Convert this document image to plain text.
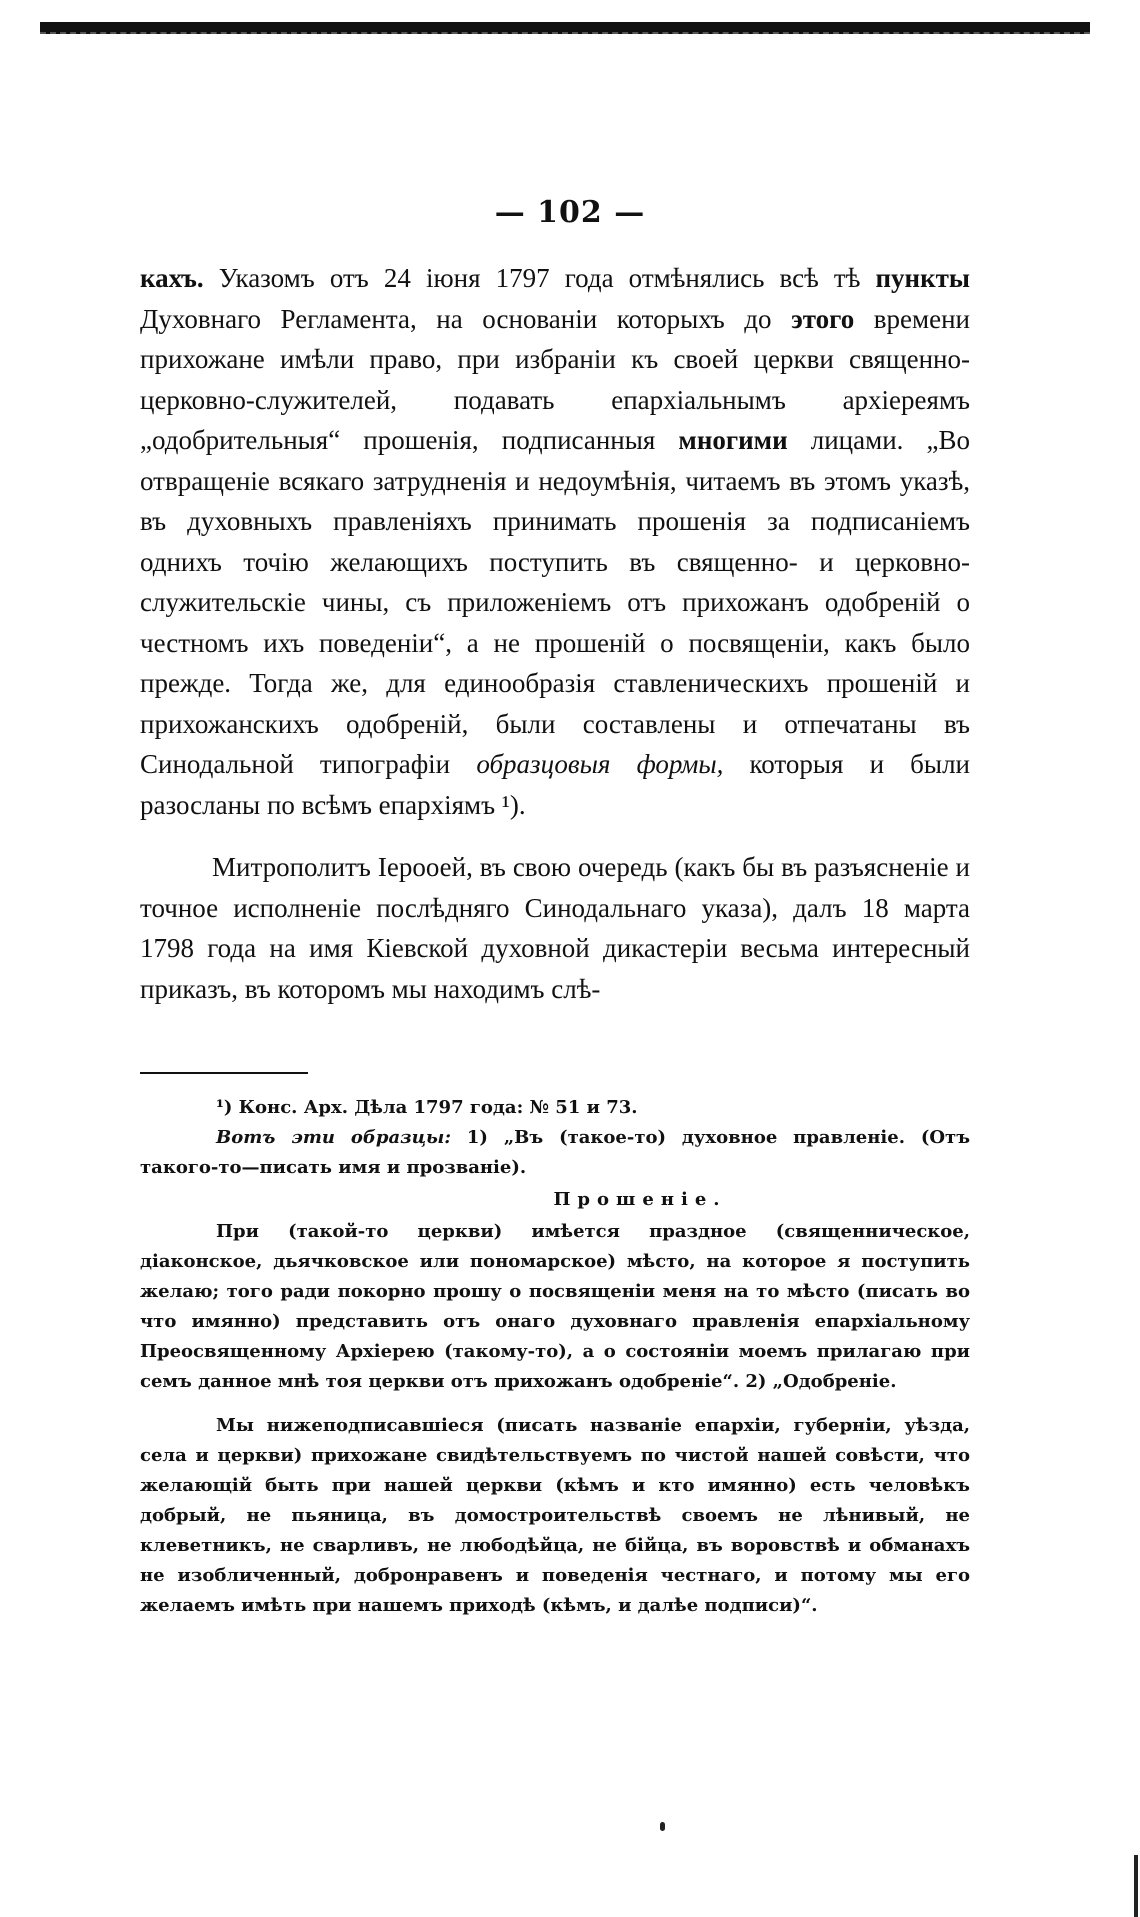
— 102 —

кахъ. Указомъ отъ 24 іюня 1797 года отмѣнялись всѣ тѣ пункты Духовнаго Регламента, на основаніи которыхъ до этого времени прихожане имѣли право, при избраніи къ своей церкви священно-церковно-служителей, подавать епархіальнымъ архіереямъ „одобрительныя“ прошенія, подписанныя многими лицами. „Во отвращеніе всякаго затрудненія и недоумѣнія, читаемъ въ этомъ указѣ, въ духовныхъ правленіяхъ принимать прошенія за подписаніемъ однихъ точію желающихъ поступить въ священно- и церковно-служительскіе чины, съ приложеніемъ отъ прихожанъ одобреній о честномъ ихъ поведеніи“, а не прошеній о посвященіи, какъ было прежде. Тогда же, для единообразія ставленическихъ прошеній и прихожанскихъ одобреній, были составлены и отпечатаны въ Синодальной типографіи образцовыя формы, которыя и были разосланы по всѣмъ епархіямъ ¹).

Митрополитъ Іерооей, въ свою очередь (какъ бы въ разъясненіе и точное исполненіе послѣдняго Синодальнаго указа), далъ 18 марта 1798 года на имя Кіевской духовной дикастеріи весьма интересный приказъ, въ которомъ мы находимъ слѣ-

¹) Конс. Арх. Дѣла 1797 года: № 51 и 73.

Вотъ эти образцы: 1) „Въ (такое-то) духовное правленіе. (Отъ такого-то—писать имя и прозваніе).

Прошеніе.

При (такой-то церкви) имѣется праздное (священническое, діаконское, дьячковское или пономарское) мѣсто, на которое я поступить желаю; того ради покорно прошу о посвященіи меня на то мѣсто (писать во что имянно) представить отъ онаго духовнаго правленія епархіальному Преосвященному Архіерею (такому-то), а о состояніи моемъ прилагаю при семъ данное мнѣ тоя церкви отъ прихожанъ одобреніе“. 2) „Одобреніе.

Мы нижеподписавшіеся (писать названіе епархіи, губерніи, уѣзда, села и церкви) прихожане свидѣтельствуемъ по чистой нашей совѣсти, что желающій быть при нашей церкви (кѣмъ и кто имянно) есть человѣкъ добрый, не пьяница, въ домостроительствѣ своемъ не лѣнивый, не клеветникъ, не сварливъ, не любодѣйца, не бійца, въ воровствѣ и обманахъ не изобличенный, добронравенъ и поведенія честнаго, и потому мы его желаемъ имѣть при нашемъ приходѣ (кѣмъ, и далѣе подписи)“.
